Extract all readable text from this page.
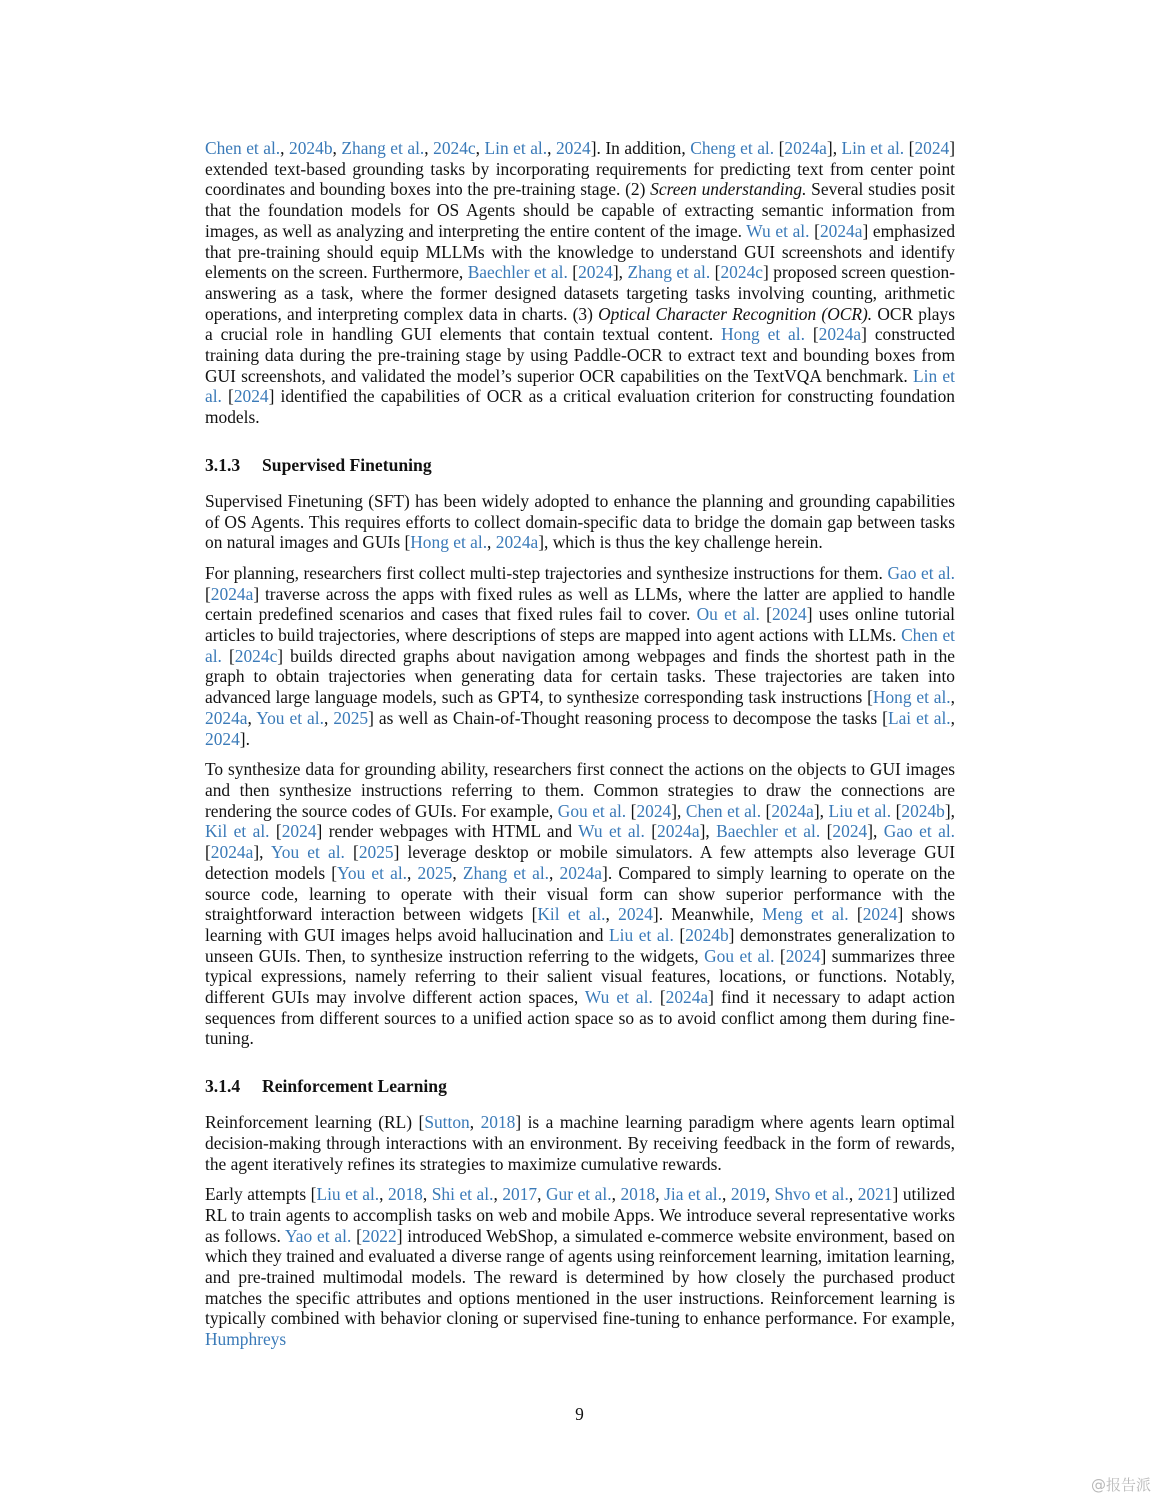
Chen et al., 2024b, Zhang et al., 2024c, Lin et al., 2024]. In addition, Cheng et al. [2024a], Lin et al. [2024] extended text-based grounding tasks by incorporating requirements for predicting text from center point coordinates and bounding boxes into the pre-training stage. (2) Screen understanding. Several studies posit that the foundation models for OS Agents should be capable of extracting semantic information from images, as well as analyzing and interpreting the entire content of the image. Wu et al. [2024a] emphasized that pre-training should equip MLLMs with the knowledge to understand GUI screenshots and identify elements on the screen. Furthermore, Baechler et al. [2024], Zhang et al. [2024c] proposed screen question-answering as a task, where the former designed datasets targeting tasks involving counting, arithmetic operations, and interpreting complex data in charts. (3) Optical Character Recognition (OCR). OCR plays a crucial role in handling GUI elements that contain textual content. Hong et al. [2024a] constructed training data during the pre-training stage by using Paddle-OCR to extract text and bounding boxes from GUI screenshots, and validated the model’s superior OCR capabilities on the TextVQA benchmark. Lin et al. [2024] identified the capabilities of OCR as a critical evaluation criterion for constructing foundation models.

3.1.3 Supervised Finetuning

Supervised Finetuning (SFT) has been widely adopted to enhance the planning and grounding capabilities of OS Agents. This requires efforts to collect domain-specific data to bridge the domain gap between tasks on natural images and GUIs [Hong et al., 2024a], which is thus the key challenge herein.

For planning, researchers first collect multi-step trajectories and synthesize instructions for them. Gao et al. [2024a] traverse across the apps with fixed rules as well as LLMs, where the latter are applied to handle certain predefined scenarios and cases that fixed rules fail to cover. Ou et al. [2024] uses online tutorial articles to build trajectories, where descriptions of steps are mapped into agent actions with LLMs. Chen et al. [2024c] builds directed graphs about navigation among webpages and finds the shortest path in the graph to obtain trajectories when generating data for certain tasks. These trajectories are taken into advanced large language models, such as GPT4, to synthesize corresponding task instructions [Hong et al., 2024a, You et al., 2025] as well as Chain-of-Thought reasoning process to decompose the tasks [Lai et al., 2024].

To synthesize data for grounding ability, researchers first connect the actions on the objects to GUI images and then synthesize instructions referring to them. Common strategies to draw the connections are rendering the source codes of GUIs. For example, Gou et al. [2024], Chen et al. [2024a], Liu et al. [2024b], Kil et al. [2024] render webpages with HTML and Wu et al. [2024a], Baechler et al. [2024], Gao et al. [2024a], You et al. [2025] leverage desktop or mobile simulators. A few attempts also leverage GUI detection models [You et al., 2025, Zhang et al., 2024a]. Compared to simply learning to operate on the source code, learning to operate with their visual form can show superior performance with the straightforward interaction between widgets [Kil et al., 2024]. Meanwhile, Meng et al. [2024] shows learning with GUI images helps avoid hallucination and Liu et al. [2024b] demonstrates generalization to unseen GUIs. Then, to synthesize instruction referring to the widgets, Gou et al. [2024] summarizes three typical expressions, namely referring to their salient visual features, locations, or functions. Notably, different GUIs may involve different action spaces, Wu et al. [2024a] find it necessary to adapt action sequences from different sources to a unified action space so as to avoid conflict among them during fine-tuning.

3.1.4 Reinforcement Learning

Reinforcement learning (RL) [Sutton, 2018] is a machine learning paradigm where agents learn optimal decision-making through interactions with an environment. By receiving feedback in the form of rewards, the agent iteratively refines its strategies to maximize cumulative rewards.

Early attempts [Liu et al., 2018, Shi et al., 2017, Gur et al., 2018, Jia et al., 2019, Shvo et al., 2021] utilized RL to train agents to accomplish tasks on web and mobile Apps. We introduce several representative works as follows. Yao et al. [2022] introduced WebShop, a simulated e-commerce website environment, based on which they trained and evaluated a diverse range of agents using reinforcement learning, imitation learning, and pre-trained multimodal models. The reward is determined by how closely the purchased product matches the specific attributes and options mentioned in the user instructions. Reinforcement learning is typically combined with behavior cloning or supervised fine-tuning to enhance performance. For example, Humphreys

9
@报告派
